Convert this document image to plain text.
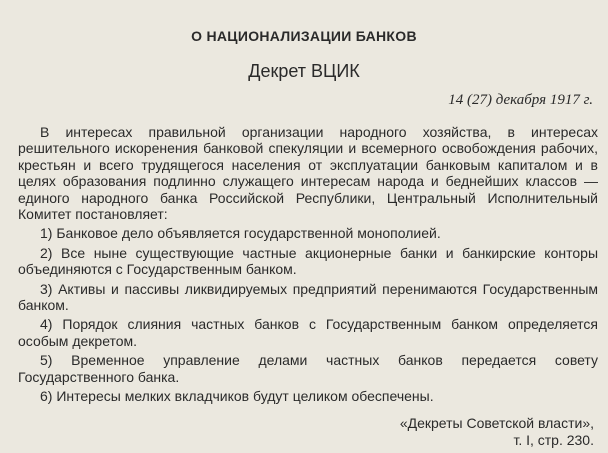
О НАЦИОНАЛИЗАЦИИ БАНКОВ
Декрет ВЦИК
14 (27) декабря 1917 г.

В интересах правильной организации народного хозяйства, в интересах решительного искоренения банковой спекуляции и всемерного освобождения рабочих, крестьян и всего трудящегося населения от эксплуатации банковым капиталом и в целях образования подлинно служащего интересам народа и беднейших классов — единого народного банка Российской Республики, Центральный Исполнительный Комитет постановляет:

1) Банковое дело объявляется государственной монополией.

2) Все ныне существующие частные акционерные банки и банкирские конторы объединяются с Государственным банком.

3) Активы и пассивы ликвидируемых предприятий перенимаются Государственным банком.

4) Порядок слияния частных банков с Государственным банком определяется особым декретом.

5) Временное управление делами частных банков передается совету Государственного банка.

6) Интересы мелких вкладчиков будут целиком обеспечены.

«Декреты Советской власти»,
т. I, стр. 230.
